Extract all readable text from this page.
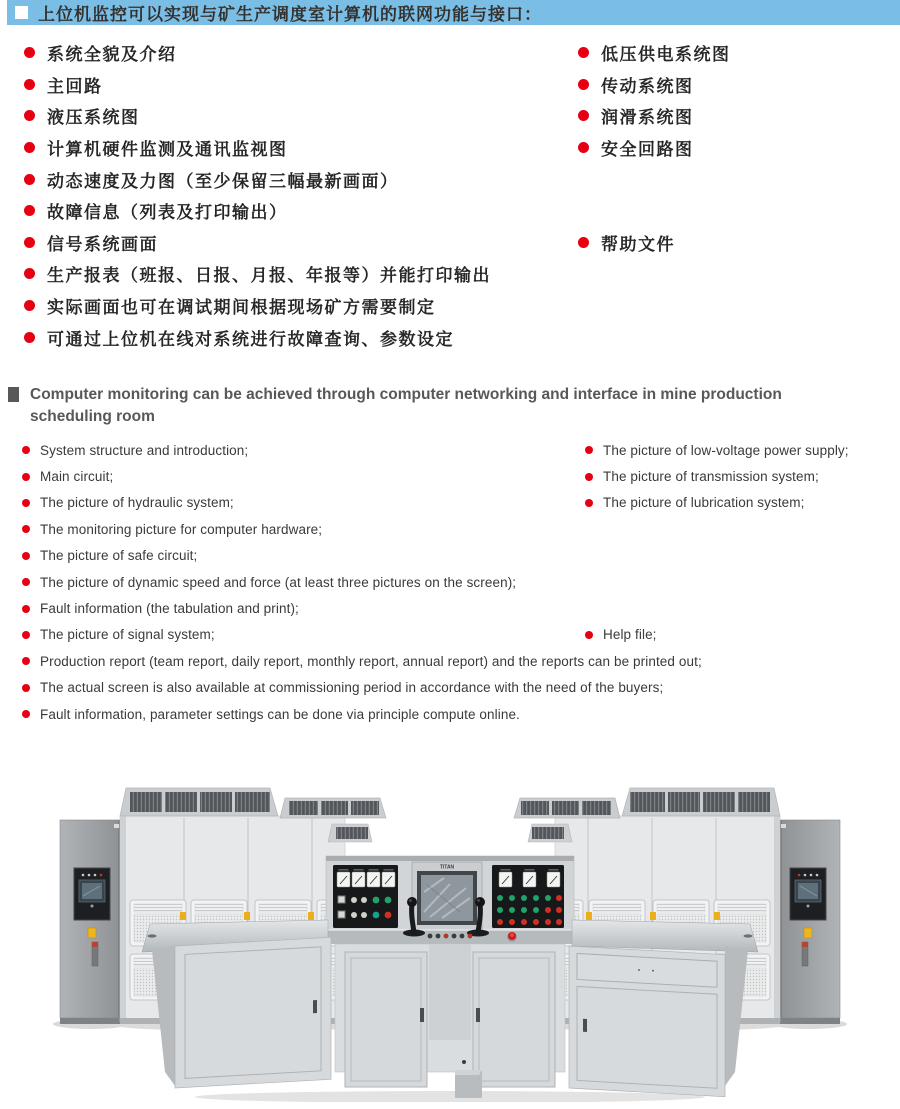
上位机监控可以实现与矿生产调度室计算机的联网功能与接口：
系统全貌及介绍
主回路
液压系统图
计算机硬件监测及通讯监视图
动态速度及力图（至少保留三幅最新画面）
故障信息（列表及打印输出）
信号系统画面
生产报表（班报、日报、月报、年报等）并能打印输出
实际画面也可在调试期间根据现场矿方需要制定
可通过上位机在线对系统进行故障查询、参数设定
低压供电系统图
传动系统图
润滑系统图
安全回路图
帮助文件
Computer monitoring can be achieved through computer networking and interface in mine production
scheduling room
System structure and introduction;
Main circuit;
The picture of hydraulic system;
The monitoring picture for computer hardware;
The picture of safe circuit;
The picture of dynamic speed and force (at least three pictures on the screen);
Fault information (the tabulation and print);
The picture of signal system;
Production report (team report, daily report, monthly report, annual report) and the reports can be printed out;
The actual screen is also available at commissioning period in accordance with the need of the buyers;
Fault information, parameter settings can be done via principle compute online.
The picture of low-voltage power supply;
The picture of transmission system;
The picture of lubrication system;
Help file;
TITAN
